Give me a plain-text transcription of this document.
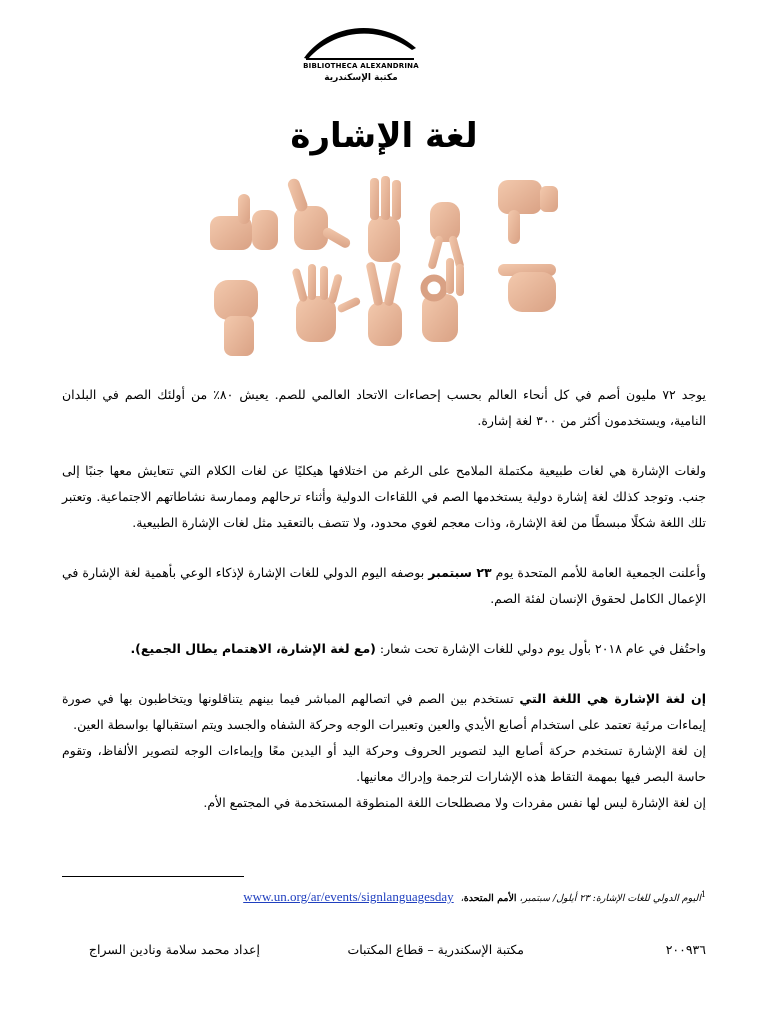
BIBLIOTHECA ALEXANDRINA
مكتبة الإسكندرية
لغة الإشارة
يوجد ٧٢ مليون أصم في كل أنحاء العالم بحسب إحصاءات الاتحاد العالمي للصم. يعيش ٨٠٪ من أولئك الصم في البلدان النامية، ويستخدمون أكثر من ٣٠٠ لغة إشارة.
ولغات الإشارة هي لغات طبيعية مكتملة الملامح على الرغم من اختلافها هيكليًا عن لغات الكلام التي تتعايش معها جنبًا إلى جنب. وتوجد كذلك لغة إشارة دولية يستخدمها الصم في اللقاءات الدولية وأثناء ترحالهم وممارسة نشاطاتهم الاجتماعية. وتعتبر تلك اللغة شكلًا مبسطًا من لغة الإشارة، وذات معجم لغوي محدود، ولا تتصف بالتعقيد مثل لغات الإشارة الطبيعية.
وأعلنت الجمعية العامة للأمم المتحدة يوم ٢٣ سبتمبر بوصفه اليوم الدولي للغات الإشارة لإذكاء الوعي بأهمية لغة الإشارة في الإعمال الكامل لحقوق الإنسان لفئة الصم.
واحتُفل في عام ٢٠١٨ بأول يوم دولي للغات الإشارة تحت شعار: (مع لغة الإشارة، الاهتمام يطال الجميع).
إن لغة الإشارة هي اللغة التي تستخدم بين الصم في اتصالهم المباشر فيما بينهم يتناقلونها ويتخاطبون بها في صورة إيماءات مرئية تعتمد على استخدام أصابع الأيدي والعين وتعبيرات الوجه وحركة الشفاه والجسد ويتم استقبالها بواسطة العين.
إن لغة الإشارة تستخدم حركة أصابع اليد لتصوير الحروف وحركة اليد أو اليدين معًا وإيماءات الوجه لتصوير الألفاظ، وتقوم حاسة البصر فيها بمهمة التقاط هذه الإشارات لترجمة وإدراك معانيها.
إن لغة الإشارة ليس لها نفس مفردات ولا مصطلحات اللغة المنطوقة المستخدمة في المجتمع الأم.
$^1$اليوم الدولي للغات الإشارة: ٢٣ أيلول/ سبتمبر، الأمم المتحدة، www.un.org/ar/events/signlanguagesday
إعداد محمد سلامة ونادين السراج	مكتبة الإسكندرية – قطاع المكتبات	٢٠٠٩٣٦
